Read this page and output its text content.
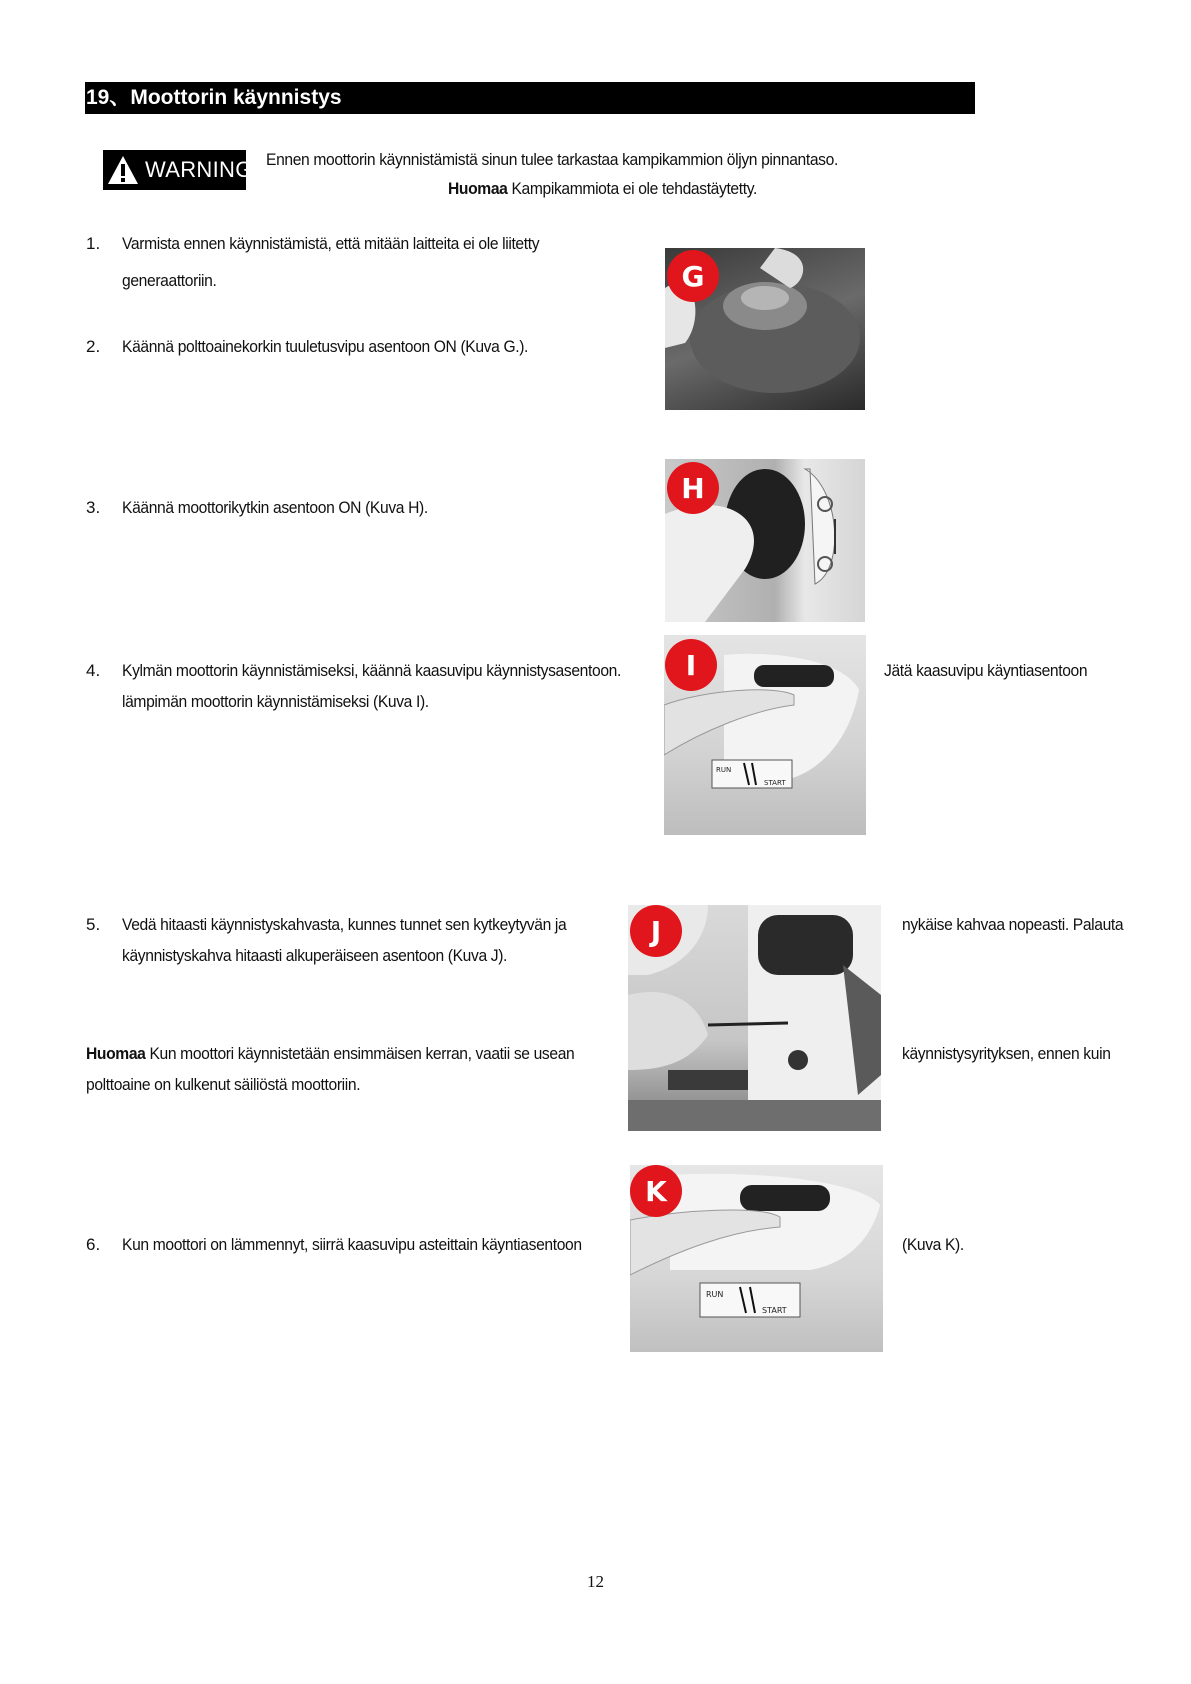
19、Moottorin käynnistys
WARNING Ennen moottorin käynnistämistä sinun tulee tarkastaa kampikammion öljyn pinnantaso.
Huomaa Kampikammiota ei ole tehdastäytetty.
1. Varmista ennen käynnistämistä, että mitään laitteita ei ole liitetty
generaattoriin.
2. Käännä polttoainekorkin tuuletusvipu asentoon ON (Kuva G.).
G
3. Käännä moottorikytkin asentoon ON (Kuva H).
H
4. Kylmän moottorin käynnistämiseksi, käännä kaasuvipu käynnistysasentoon.	Jätä kaasuvipu käyntiasentoon
lämpimän moottorin käynnistämiseksi (Kuva I).
RUN
START
I
5. Vedä hitaasti käynnistyskahvasta, kunnes tunnet sen kytkeytyvän ja	nykäise kahvaa nopeasti. Palauta
käynnistyskahva hitaasti alkuperäiseen asentoon (Kuva J).
J
Huomaa Kun moottori käynnistetään ensimmäisen kerran, vaatii se usean	käynnistysyrityksen, ennen kuin
polttoaine on kulkenut säiliöstä moottoriin.
6. Kun moottori on lämmennyt, siirrä kaasuvipu asteittain käyntiasentoon	(Kuva K).
RUN
START
K
12
